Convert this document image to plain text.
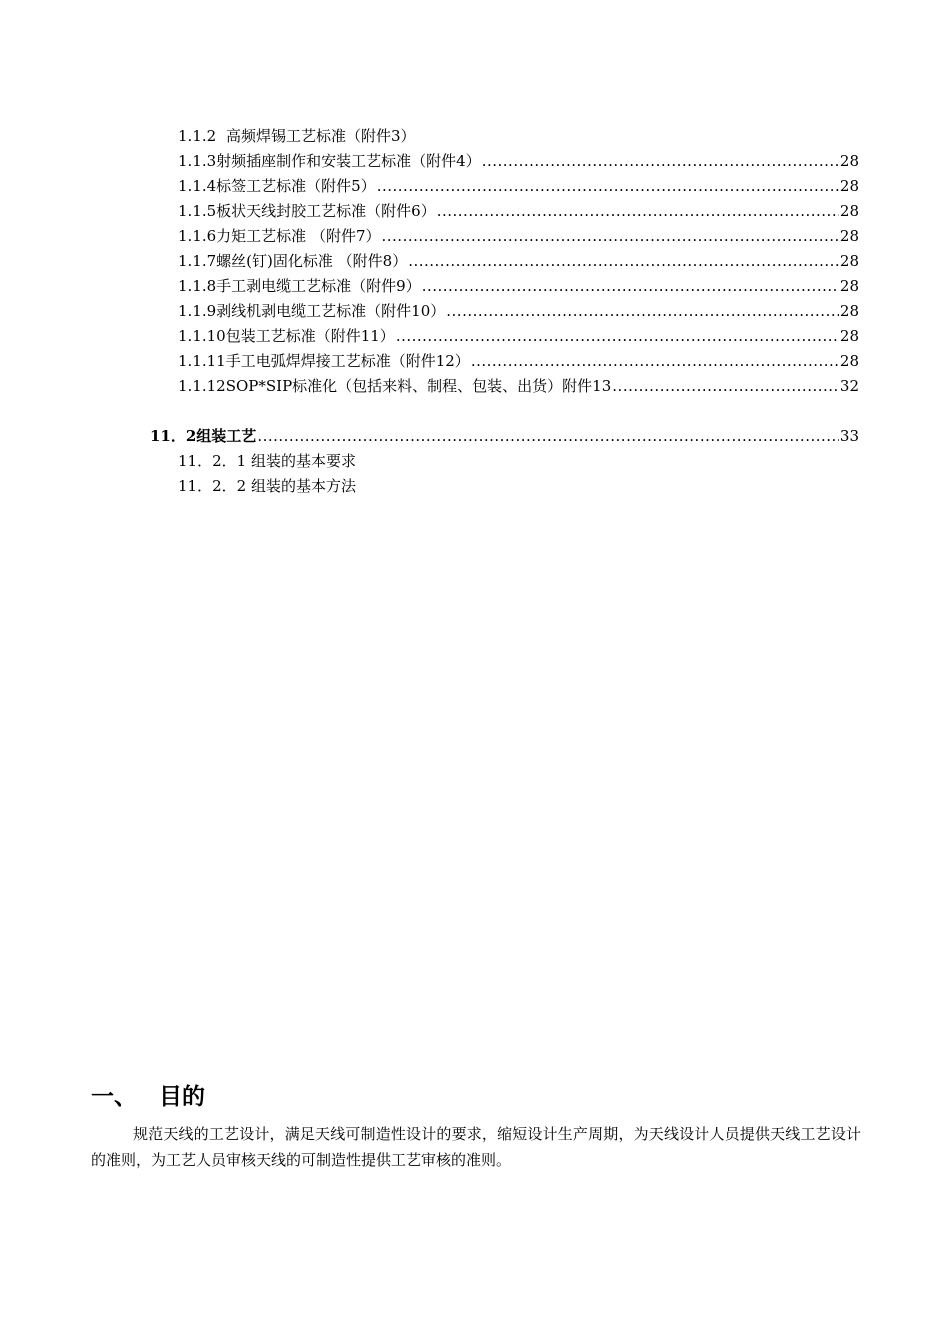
1.1.2 高频焊锡工艺标准（附件3）
1.1.3 射频插座制作和安装工艺标准（附件4） .....	28
1.1.4 标签工艺标准（附件5） .....	28
1.1.5 板状天线封胶工艺标准（附件6） .....	28
1.1.6 力矩工艺标准 （附件7） .....	28
1.1.7 螺丝(钉)固化标准 （附件8） .....	28
1.1.8 手工剥电缆工艺标准（附件9） .....	28
1.1.9 剥线机剥电缆工艺标准（附件10） .....	28
1.1.10 包装工艺标准（附件11） .....	28
1.1.11 手工电弧焊焊接工艺标准（附件12） .....	28
1.1.12 SOP*SIP标准化（包括来料、制程、包装、出货）附件13 .....	32
11．2组装工艺 .....	33
11．2．1 组装的基本要求
11．2．2 组装的基本方法
一、 目的
规范天线的工艺设计，满足天线可制造性设计的要求，缩短设计生产周期，为天线设计人员提供天线工艺设计的准则，为工艺人员审核天线的可制造性提供工艺审核的准则。
